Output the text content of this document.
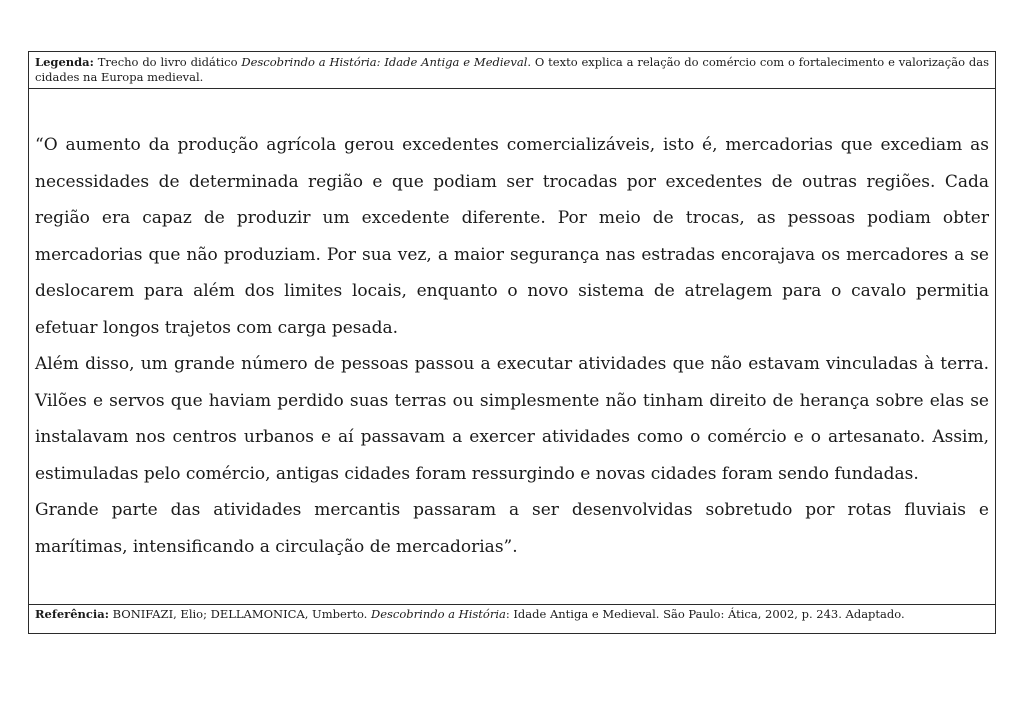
Legenda: Trecho do livro didático Descobrindo a História: Idade Antiga e Medieval. O texto explica a relação do comércio com o fortalecimento e valorização das cidades na Europa medieval.

“O aumento da produção agrícola gerou excedentes comercializáveis, isto é, mercadorias que excediam as necessidades de determinada região e que podiam ser trocadas por excedentes de outras regiões. Cada região era capaz de produzir um excedente diferente. Por meio de trocas, as pessoas podiam obter mercadorias que não produziam. Por sua vez, a maior segurança nas estradas encorajava os mercadores a se deslocarem para além dos limites locais, enquanto o novo sistema de atrelagem para o cavalo permitia efetuar longos trajetos com carga pesada.

Além disso, um grande número de pessoas passou a executar atividades que não estavam vinculadas à terra. Vilões e servos que haviam perdido suas terras ou simplesmente não tinham direito de herança sobre elas se instalavam nos centros urbanos e aí passavam a exercer atividades como o comércio e o artesanato. Assim, estimuladas pelo comércio, antigas cidades foram ressurgindo e novas cidades foram sendo fundadas.

Grande parte das atividades mercantis passaram a ser desenvolvidas sobretudo por rotas fluviais e marítimas, intensificando a circulação de mercadorias”.

Referência: BONIFAZI, Elio; DELLAMONICA, Umberto. Descobrindo a História: Idade Antiga e Medieval. São Paulo: Ática, 2002, p. 243. Adaptado.
